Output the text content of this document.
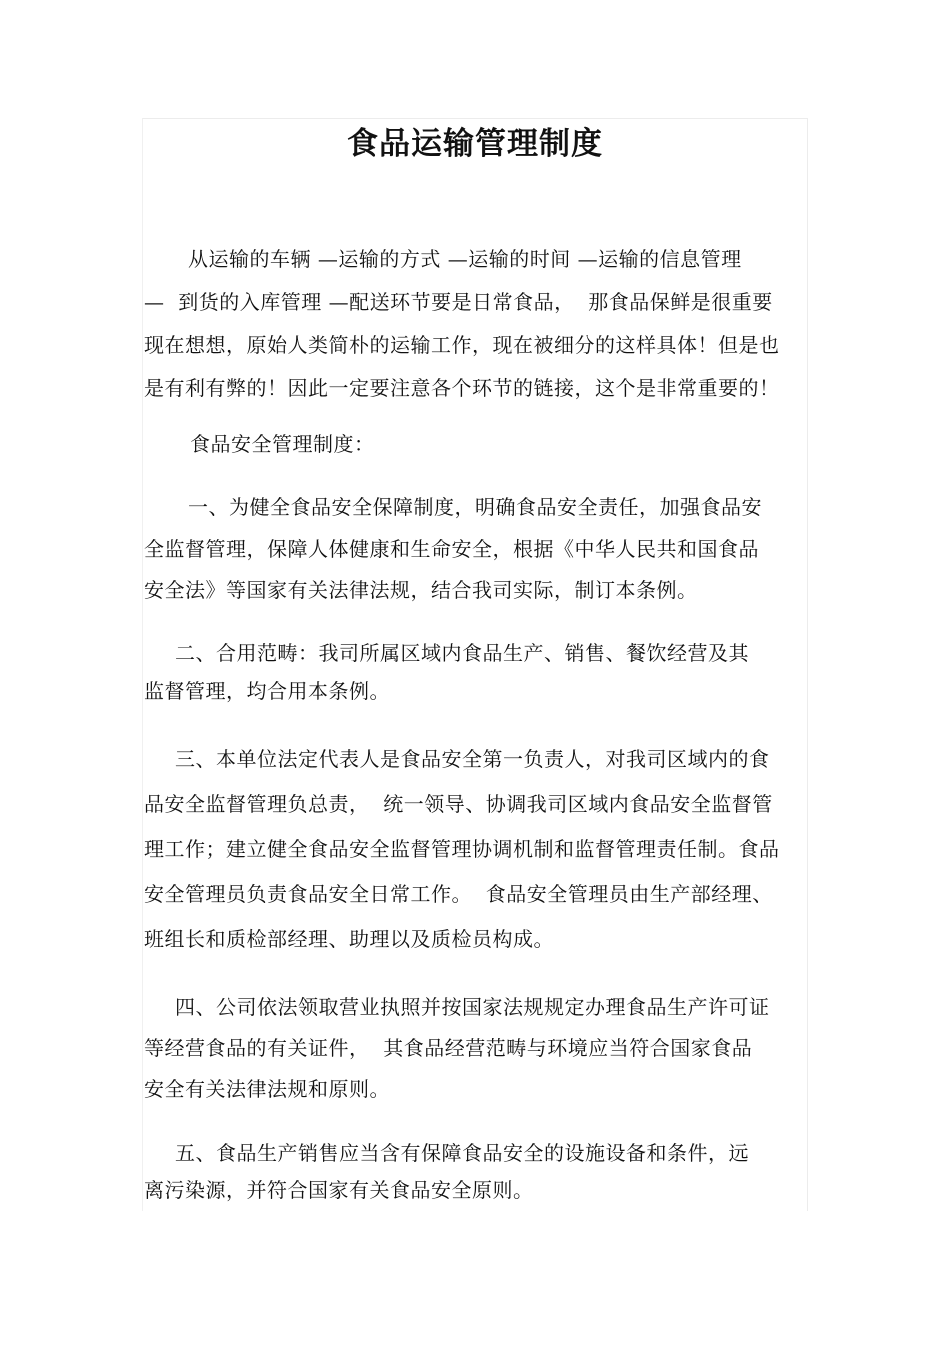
食品运输管理制度
从运输的车辆 —运输的方式 —运输的时间 —运输的信息管理
—  到货的入库管理 —配送环节要是日常食品，  那食品保鲜是很重要
现在想想，原始人类简朴的运输工作，现在被细分的这样具体！但是也
是有利有弊的！因此一定要注意各个环节的链接，这个是非常重要的！
食品安全管理制度：
一、为健全食品安全保障制度，明确食品安全责任，加强食品安
全监督管理，保障人体健康和生命安全，根据《中华人民共和国食品
安全法》等国家有关法律法规，结合我司实际，制订本条例。
二、合用范畴：我司所属区域内食品生产、销售、餐饮经营及其
监督管理，均合用本条例。
三、本单位法定代表人是食品安全第一负责人，对我司区域内的食
品安全监督管理负总责，  统一领导、协调我司区域内食品安全监督管
理工作；建立健全食品安全监督管理协调机制和监督管理责任制。食品
安全管理员负责食品安全日常工作。  食品安全管理员由生产部经理、
班组长和质检部经理、助理以及质检员构成。
四、公司依法领取营业执照并按国家法规规定办理食品生产许可证
等经营食品的有关证件，  其食品经营范畴与环境应当符合国家食品
安全有关法律法规和原则。
五、食品生产销售应当含有保障食品安全的设施设备和条件，远
离污染源，并符合国家有关食品安全原则。
